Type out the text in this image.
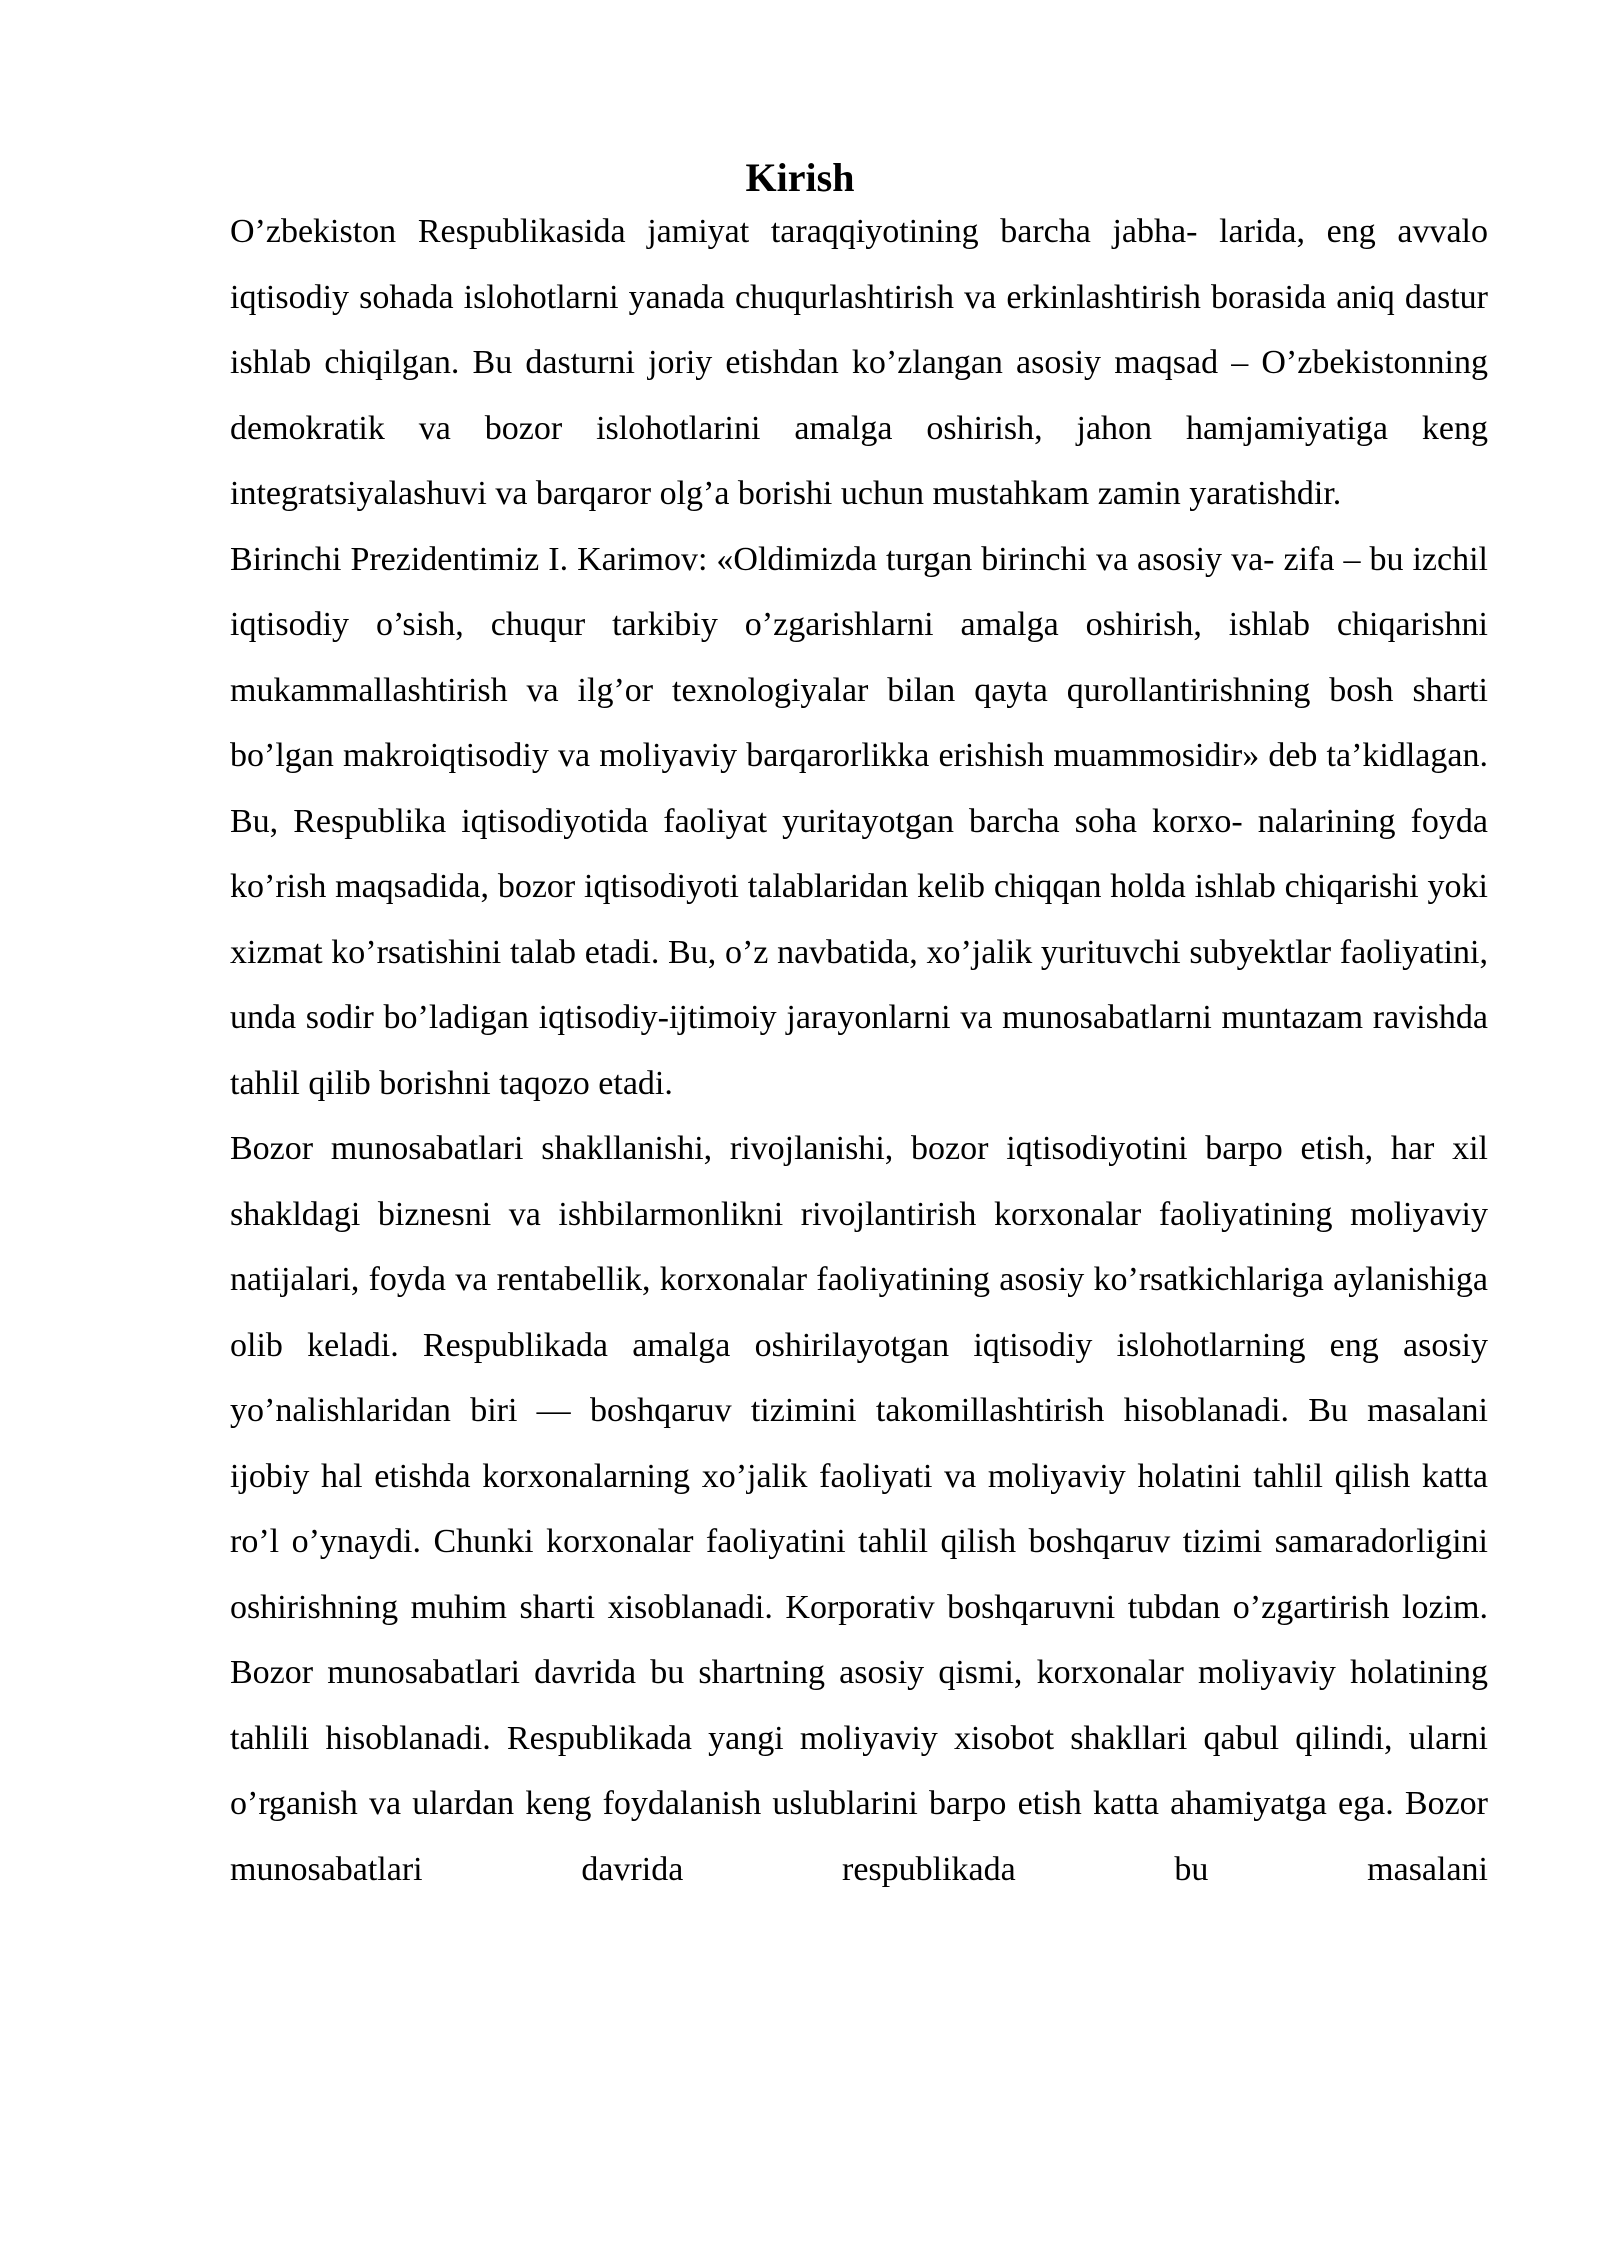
Kirish

O’zbekiston Respublikasida jamiyat taraqqiyotining barcha jabha- larida, eng avvalo iqtisodiy sohada islohotlarni yanada chuqurlashtirish va erkinlashtirish borasida aniq dastur ishlab chiqilgan. Bu dasturni joriy etishdan ko’zlangan asosiy maqsad – O’zbekistonning demokratik va bozor islohotlarini amalga oshirish, jahon hamjamiyatiga keng integratsiyalashuvi va barqaror olg’a borishi uchun mustahkam zamin yaratishdir.

Birinchi Prezidentimiz I. Karimov: «Oldimizda turgan birinchi va asosiy va- zifa – bu izchil iqtisodiy o’sish, chuqur tarkibiy o’zgarishlarni amalga oshirish, ishlab chiqarishni mukammallashtirish va ilg’or texnologiyalar bilan qayta qurollantirishning bosh sharti bo’lgan makroiqtisodiy va moliyaviy barqarorlikka erishish muammosidir» deb ta’kidlagan. Bu, Respublika iqtisodiyotida faoliyat yuritayotgan barcha soha korxo- nalarining foyda ko’rish maqsadida, bozor iqtisodiyoti talablaridan kelib chiqqan holda ishlab chiqarishi yoki xizmat ko’rsatishini talab etadi. Bu, o’z navbatida, xo’jalik yurituvchi subyektlar faoliyatini, unda sodir bo’ladigan iqtisodiy-ijtimoiy jarayonlarni va munosabatlarni muntazam ravishda tahlil qilib borishni taqozo etadi.

Bozor munosabatlari shakllanishi, rivojlanishi, bozor iqtisodiyotini barpo etish, har xil shakldagi biznesni va ishbilarmonlikni rivojlantirish korxonalar faoliyatining moliyaviy natijalari, foyda va rentabellik, korxonalar faoliyatining asosiy ko’rsatkichlariga aylanishiga olib keladi. Respublikada amalga oshirilayotgan iqtisodiy islohotlarning eng asosiy yo’nalishlaridan biri — boshqaruv tizimini takomillashtirish hisoblanadi. Bu masalani ijobiy hal etishda korxonalarning xo’jalik faoliyati va moliyaviy holatini tahlil qilish katta ro’l o’ynaydi. Chunki korxonalar faoliyatini tahlil qilish boshqaruv tizimi samaradorligini oshirishning muhim sharti xisoblanadi. Korporativ boshqaruvni tubdan o’zgartirish lozim. Bozor munosabatlari davrida bu shartning asosiy qismi, korxonalar moliyaviy holatining tahlili hisoblanadi. Respublikada yangi moliyaviy xisobot shakllari qabul qilindi, ularni o’rganish va ulardan keng foydalanish uslublarini barpo etish katta ahamiyatga ega. Bozor munosabatlari davrida respublikada bu masalani
